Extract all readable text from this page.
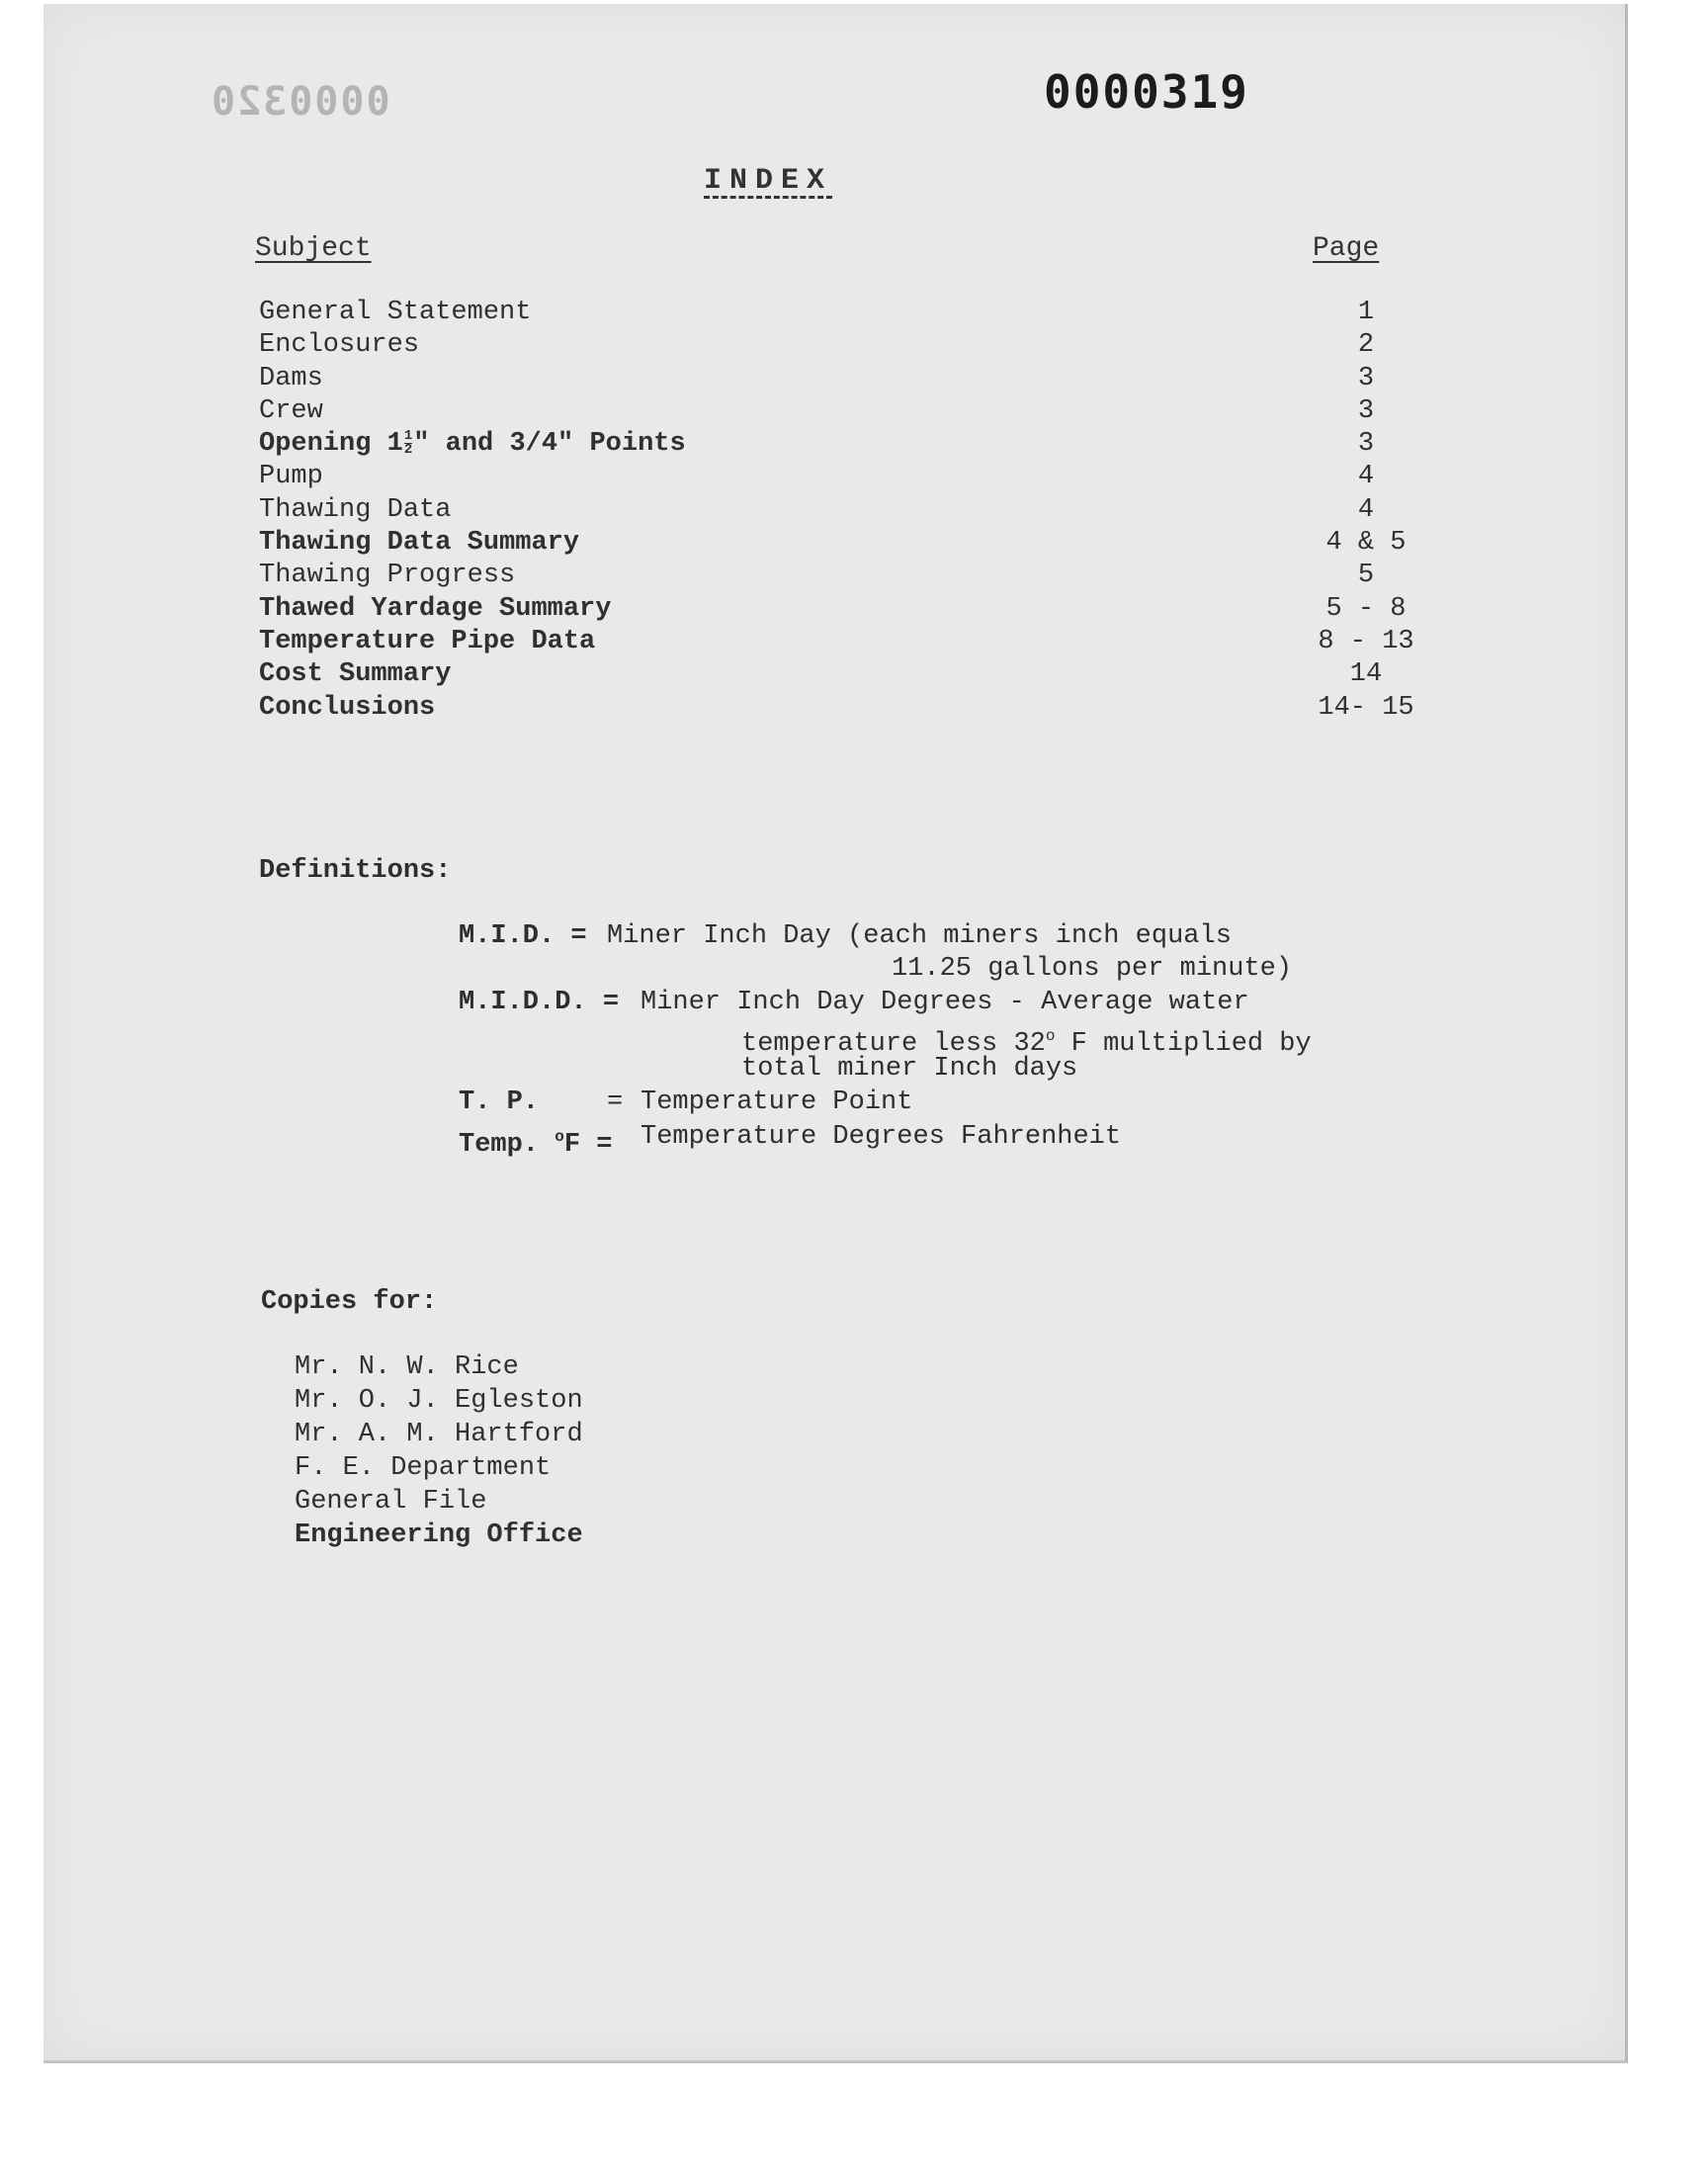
0000320	0000319
INDEX
Subject	Page
General Statement	1
Enclosures	2
Dams	3
Crew	3
Opening $1 \frac{1}{2}$ " and 3/4" Points	3
Pump	4
Thawing Data	4
Thawing Data Summary	4 & 5
Thawing Progress	5
Thawed Yardage Summary	5 - 8
Temperature Pipe Data	8 - 13
Cost Summary	14
Conclusions	14- 15
Definitions:
M.I.D. = Miner Inch Day (each miners inch equals
11.25 gallons per minute)
M.I.D.D. = Miner Inch Day Degrees - Average water
temperature less 32$^o$ F multiplied by
total miner Inch days
T. P.	= Temperature Point
Temp. $^o$F = Temperature Degrees Fahrenheit
Copies for:
Mr. N. W. Rice
Mr. O. J. Egleston
Mr. A. M. Hartford
F. E. Department
General File
Engineering Office
